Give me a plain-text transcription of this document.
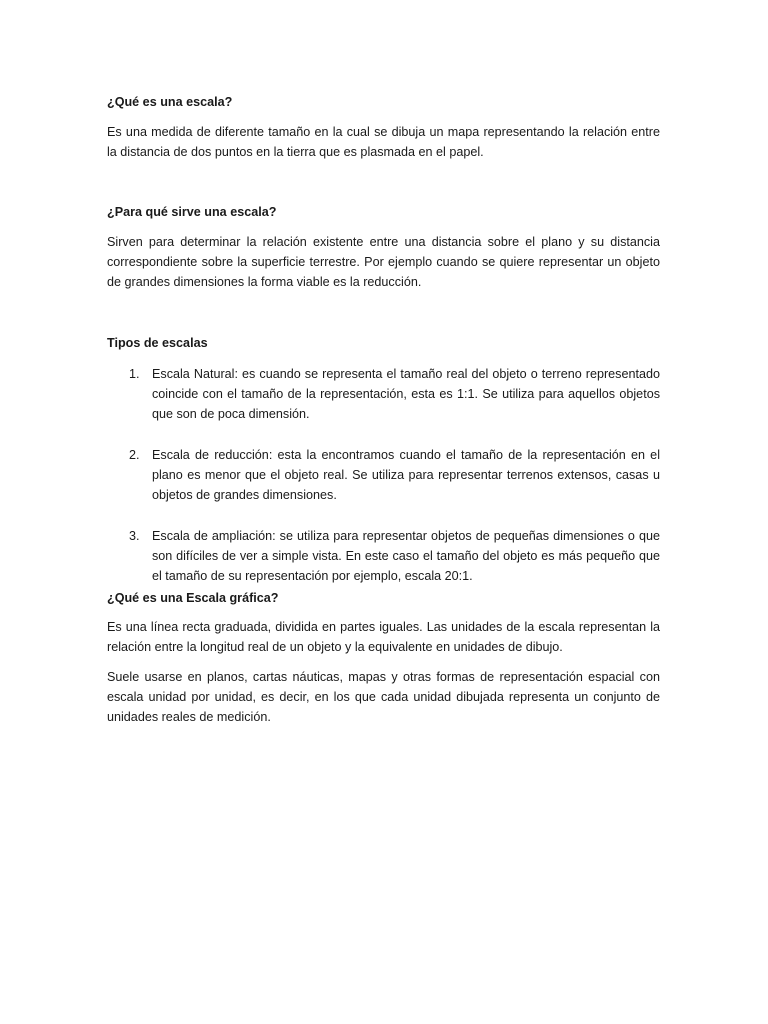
¿Qué es una escala?

Es una medida de diferente tamaño en la cual se dibuja un mapa representando la relación entre la distancia de dos puntos en la tierra que es plasmada en el papel.

¿Para qué sirve una escala?

Sirven para determinar la relación existente entre una distancia sobre el plano y su distancia correspondiente sobre la superficie terrestre. Por ejemplo cuando se quiere representar un objeto de grandes dimensiones la forma viable es la reducción.

Tipos de escalas

1. Escala Natural: es cuando se representa el tamaño real del objeto o terreno representado coincide con el tamaño de la representación, esta es 1:1. Se utiliza para aquellos objetos que son de poca dimensión.
2. Escala de reducción: esta la encontramos cuando el tamaño de la representación en el plano es menor que el objeto real. Se utiliza para representar terrenos extensos, casas u objetos de grandes dimensiones.
3. Escala de ampliación: se utiliza para representar objetos de pequeñas dimensiones o que son difíciles de ver a simple vista. En este caso el tamaño del objeto es más pequeño que el tamaño de su representación por ejemplo, escala 20:1.

¿Qué es una Escala gráfica?

Es una línea recta graduada, dividida en partes iguales. Las unidades de la escala representan la relación entre la longitud real de un objeto y la equivalente en unidades de dibujo.

Suele usarse en planos, cartas náuticas, mapas y otras formas de representación espacial con escala unidad por unidad, es decir, en los que cada unidad dibujada representa un conjunto de unidades reales de medición.
